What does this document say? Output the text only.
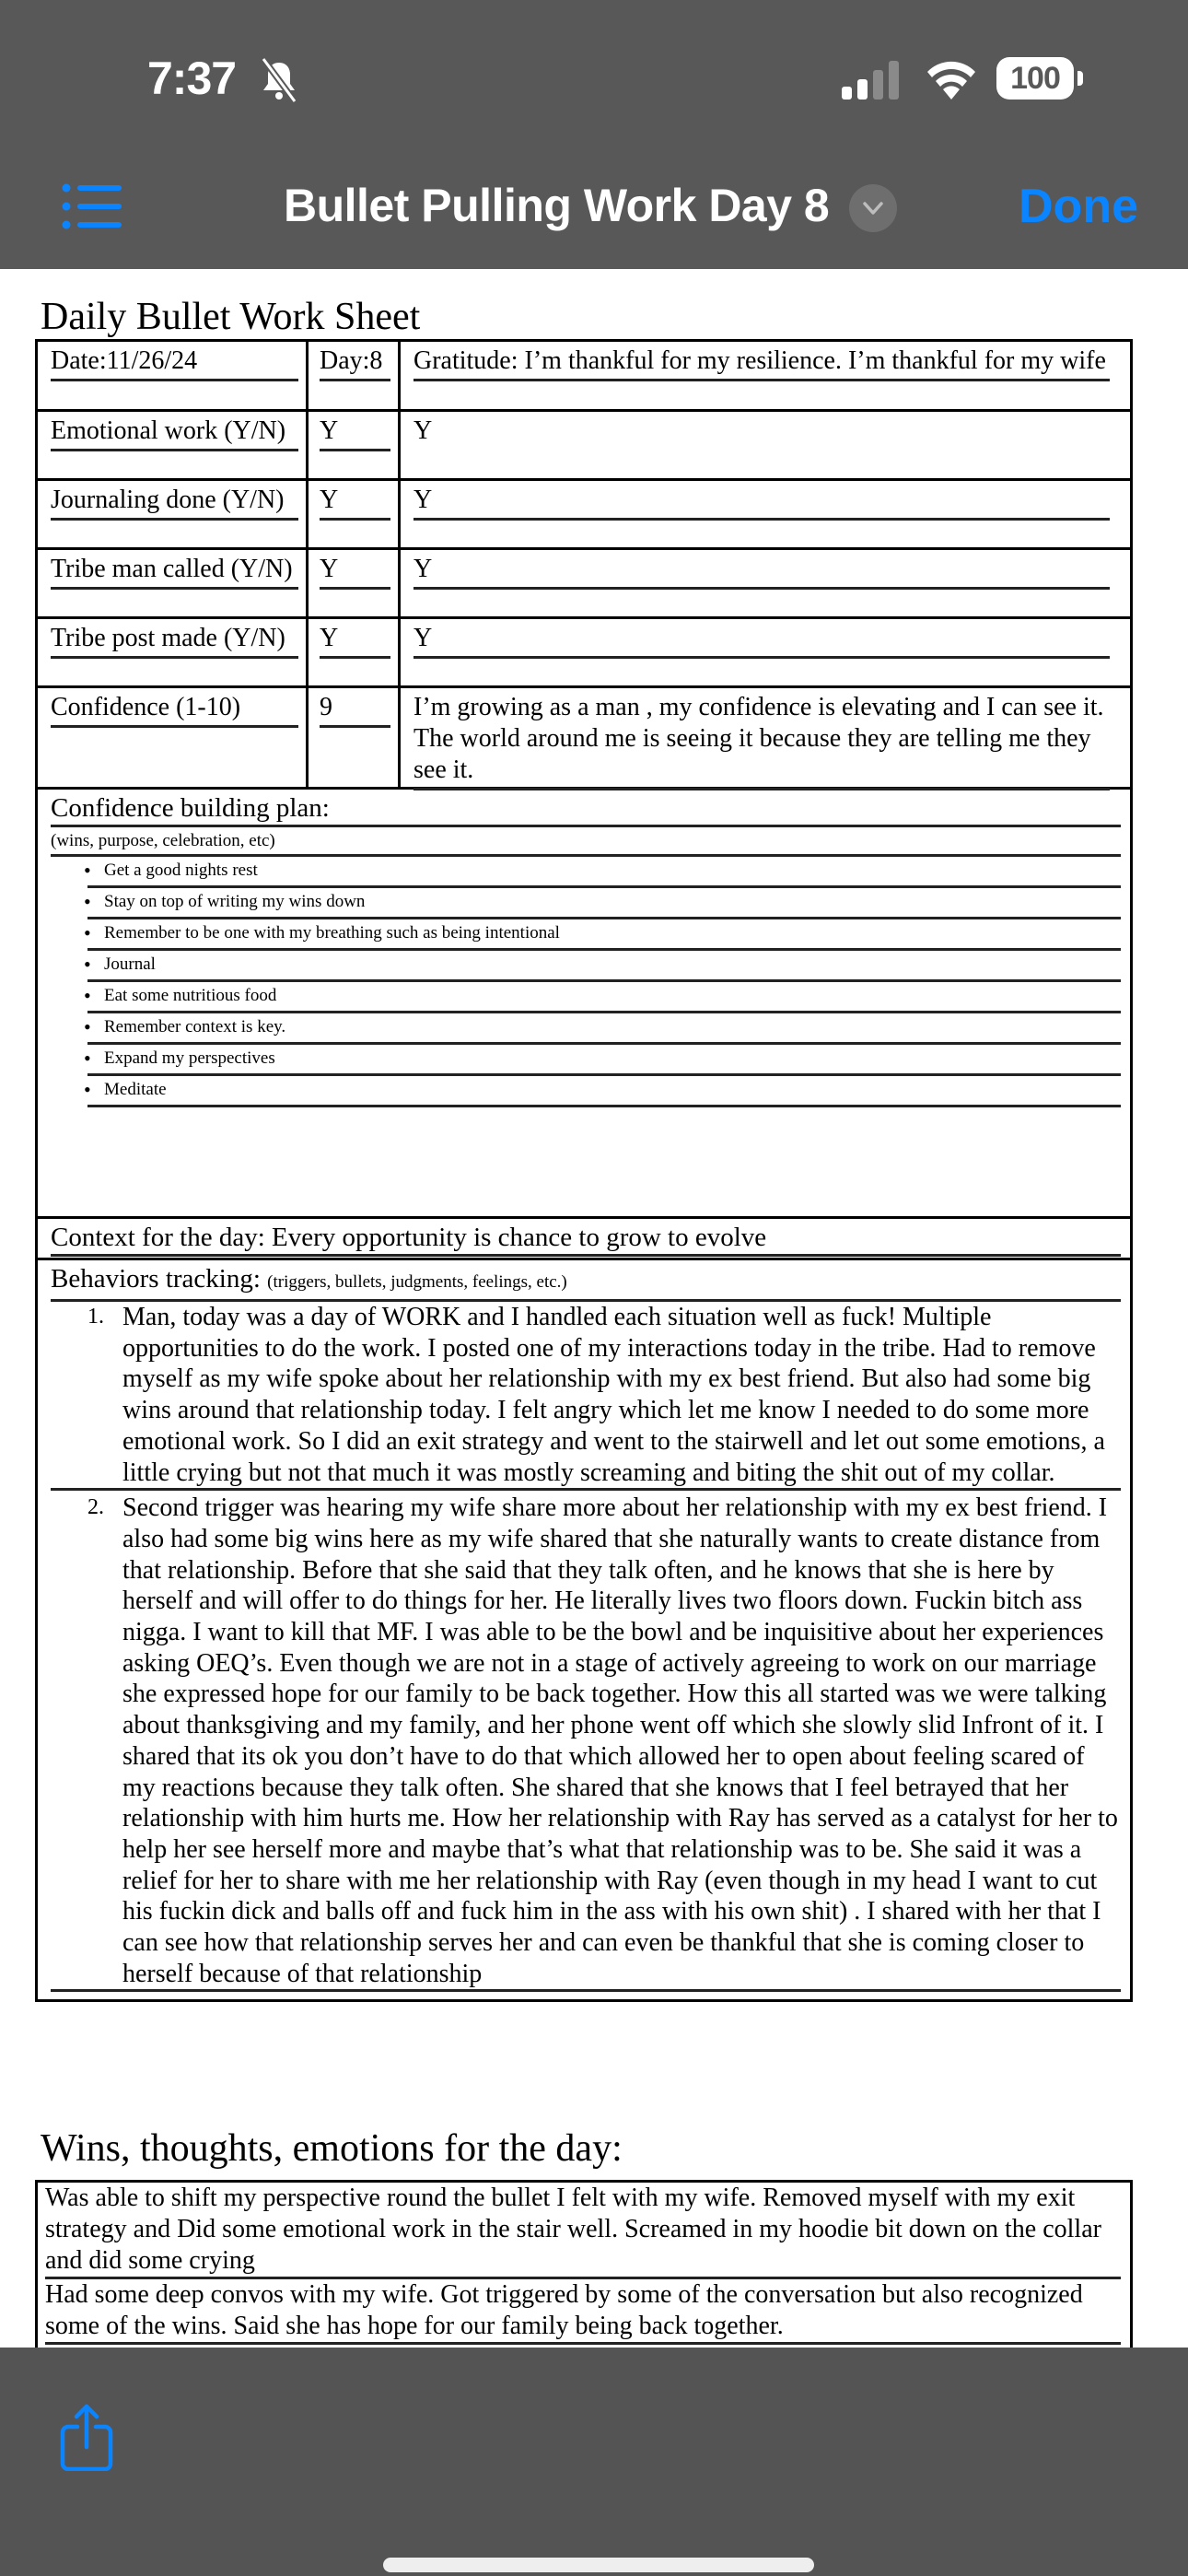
7:37	100
Bullet Pulling Work Day 8	Done
Daily Bullet Work Sheet
Date:11/26/24	Day:8	Gratitude: I’m thankful for my resilience. I’m thankful for my wife
Emotional work (Y/N)	Y	Y
Journaling done (Y/N)	Y	Y
Tribe man called (Y/N) Y	Y
Tribe post made (Y/N)	Y	Y
Confidence (1-10)	9	I’m growing as a man , my confidence is elevating and I can see it. The world around me is seeing it because they are telling me they see it.
Confidence building plan:
(wins, purpose, celebration, etc)
• Get a good nights rest
• Stay on top of writing my wins down
• Remember to be one with my breathing such as being intentional
• Journal
• Eat some nutritious food
• Remember context is key.
• Expand my perspectives
• Meditate
Context for the day: Every opportunity is chance to grow to evolve
Behaviors tracking: (triggers, bullets, judgments, feelings, etc.)
1. Man, today was a day of WORK and I handled each situation well as fuck! Multiple opportunities to do the work. I posted one of my interactions today in the tribe. Had to remove myself as my wife spoke about her relationship with my ex best friend. But also had some big wins around that relationship today. I felt angry which let me know I needed to do some more emotional work. So I did an exit strategy and went to the stairwell and let out some emotions, a little crying but not that much it was mostly screaming and biting the shit out of my collar.
2. Second trigger was hearing my wife share more about her relationship with my ex best friend. I also had some big wins here as my wife shared that she naturally wants to create distance from that relationship. Before that she said that they talk often, and he knows that she is here by herself and will offer to do things for her. He literally lives two floors down. Fuckin bitch ass nigga. I want to kill that MF. I was able to be the bowl and be inquisitive about her experiences asking OEQ’s. Even though we are not in a stage of actively agreeing to work on our marriage she expressed hope for our family to be back together. How this all started was we were talking about thanksgiving and my family, and her phone went off which she slowly slid Infront of it. I shared that its ok you don’t have to do that which allowed her to open about feeling scared of my reactions because they talk often. She shared that she knows that I feel betrayed that her relationship with him hurts me. How her relationship with Ray has served as a catalyst for her to help her see herself more and maybe that’s what that relationship was to be. She said it was a relief for her to share with me her relationship with Ray (even though in my head I want to cut his fuckin dick and balls off and fuck him in the ass with his own shit) . I shared with her that I can see how that relationship serves her and can even be thankful that she is coming closer to herself because of that relationship
Wins, thoughts, emotions for the day:
Was able to shift my perspective round the bullet I felt with my wife. Removed myself with my exit strategy and Did some emotional work in the stair well. Screamed in my hoodie bit down on the collar and did some crying
Had some deep convos with my wife. Got triggered by some of the conversation but also recognized some of the wins. Said she has hope for our family being back together.
